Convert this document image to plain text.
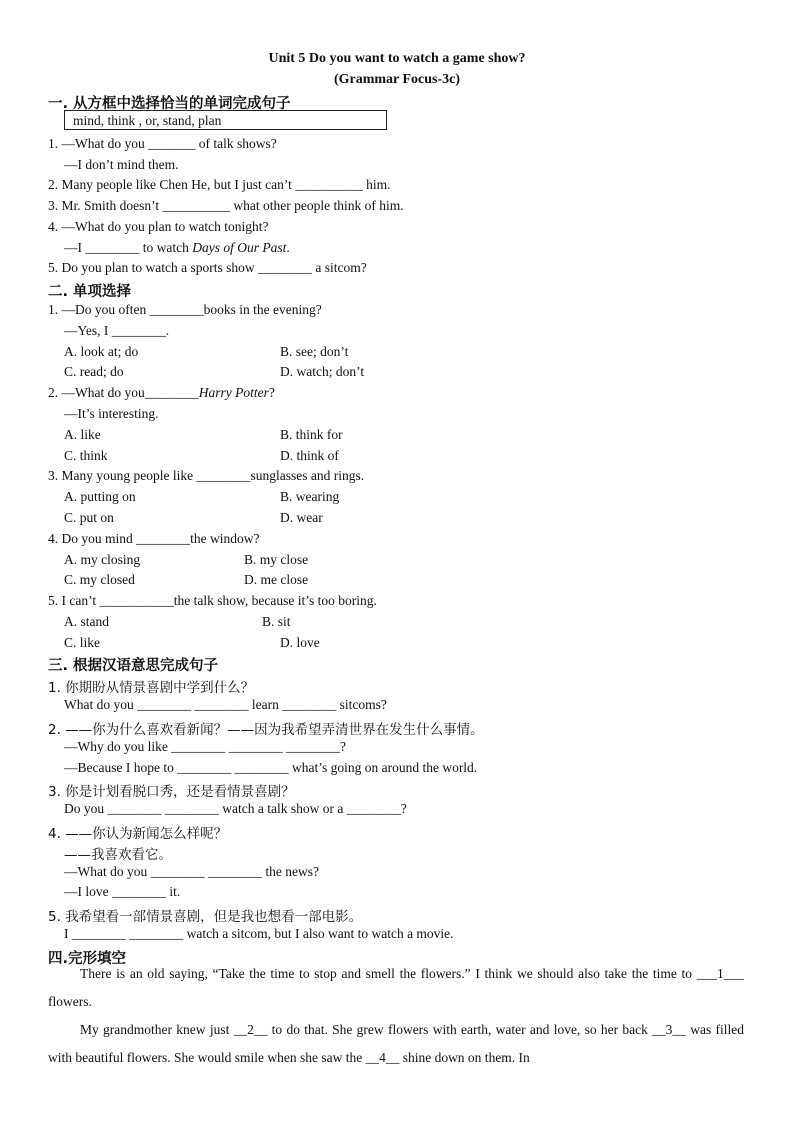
Unit 5 Do you want to watch a game show?
(Grammar Focus-3c)
一. 从方框中选择恰当的单词完成句子
mind, think , or, stand, plan
1. —What do you _______ of talk shows?
—I don’t mind them.
2. Many people like Chen He, but I just can’t __________ him.
3. Mr. Smith doesn’t __________ what other people think of him.
4. —What do you plan to watch tonight?
—I ________ to watch Days of Our Past.
5. Do you plan to watch a sports show ________ a sitcom?
二. 单项选择
1. —Do you often ________books in the evening?
—Yes, I ________.
A. look at; do	B. see; don’t
C. read; do	D. watch; don’t
2. —What do you________Harry Potter?
—It’s interesting.
A. like	B. think for
C. think	D. think of
3. Many young people like ________sunglasses and rings.
A. putting on	B. wearing
C. put on	D. wear
4. Do you mind ________the window?
A. my closing	B. my close
C. my closed	D. me close
5. I can’t ___________the talk show, because it’s too boring.
A. stand	B. sit
C. like	D. love
三. 根据汉语意思完成句子
1. 你期盼从情景喜剧中学到什么？
What do you ________ ________ learn ________ sitcoms?
2. ——你为什么喜欢看新闻？——因为我希望弄清世界在发生什么事情。
—Why do you like ________ ________ ________?
—Because I hope to ________ ________ what’s going on around the world.
3. 你是计划看脱口秀，还是看情景喜剧？
Do you ________ ________ watch a talk show or a ________?
4. ——你认为新闻怎么样呢？
——我喜欢看它。
—What do you ________ ________ the news?
—I love ________ it.
5. 我希望看一部情景喜剧，但是我也想看一部电影。
I ________ ________ watch a sitcom, but I also want to watch a movie.
四.完形填空
There is an old saying, “Take the time to stop and smell the flowers.” I think we should also take the time to ___1___ flowers.
My grandmother knew just __2__ to do that. She grew flowers with earth, water and love, so her back __3__ was filled with beautiful flowers. She would smile when she saw the __4__ shine down on them. In
